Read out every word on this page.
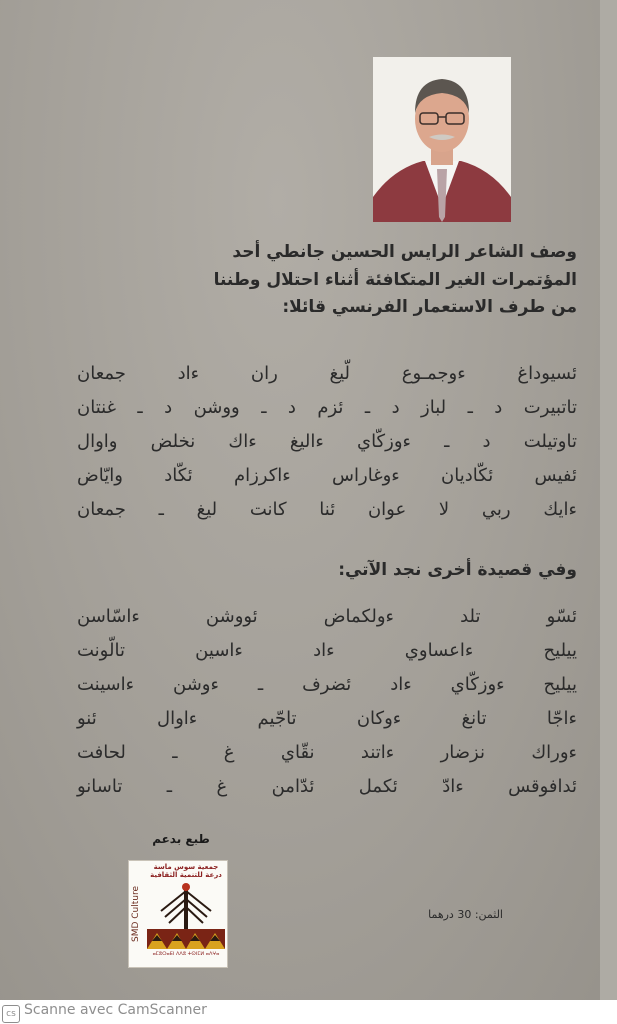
وصف الشاعر الرايس الحسين جانطي أحد
المؤتمرات الغير المتكافئة أثناء احتلال وطننا
من طرف الاستعمار الفرنسي قائلا:

ئسيوداغ ءوجمـوع لّيغ ران ءاد جمعان
تاتبيرت د ـ لباز د ـ ئزم د ـ ووشن د ـ غنتان
تاوتيلت د ـ ءوزكّاي ءاليغ ءاك نخلض واوال
ئفيس ئكّاديان ءوغاراس ءاكرزام ئكّاد وايّاض
ءايك ربي لا عوان ئنا كانت ليغ ـ جمعان

وفي قصيدة أخرى نجد الآتي:

ئسّو تلد ءولكماض ئووشن ءاسّاسن
ييليح ءاعساوي ءاد ءاسين تالّونت
ييليح ءوزكّاي ءاد ئضرف ـ ءوشن ءاسينت
ءاجّا تانغ ءوكان تاجّيم ءاوال ئنو
ءوراك نزضار ءاتند نقّاي غ ـ لحافت
ئدافوقس ءادّ ئكمل ئدّامن غ ـ تاسانو

طبع بدعم
SMD Culture
جمعية سوس ماسة
درعة للتنمية الثقافية
ⴰⵎⵓⵔⴰⴹⵏ ⴷⴷⵓ ⵜⵙⵏⵎⵍ ⴰⴷⵖⴰ
الثمن: 30 درهما
cs Scanne avec CamScanner
